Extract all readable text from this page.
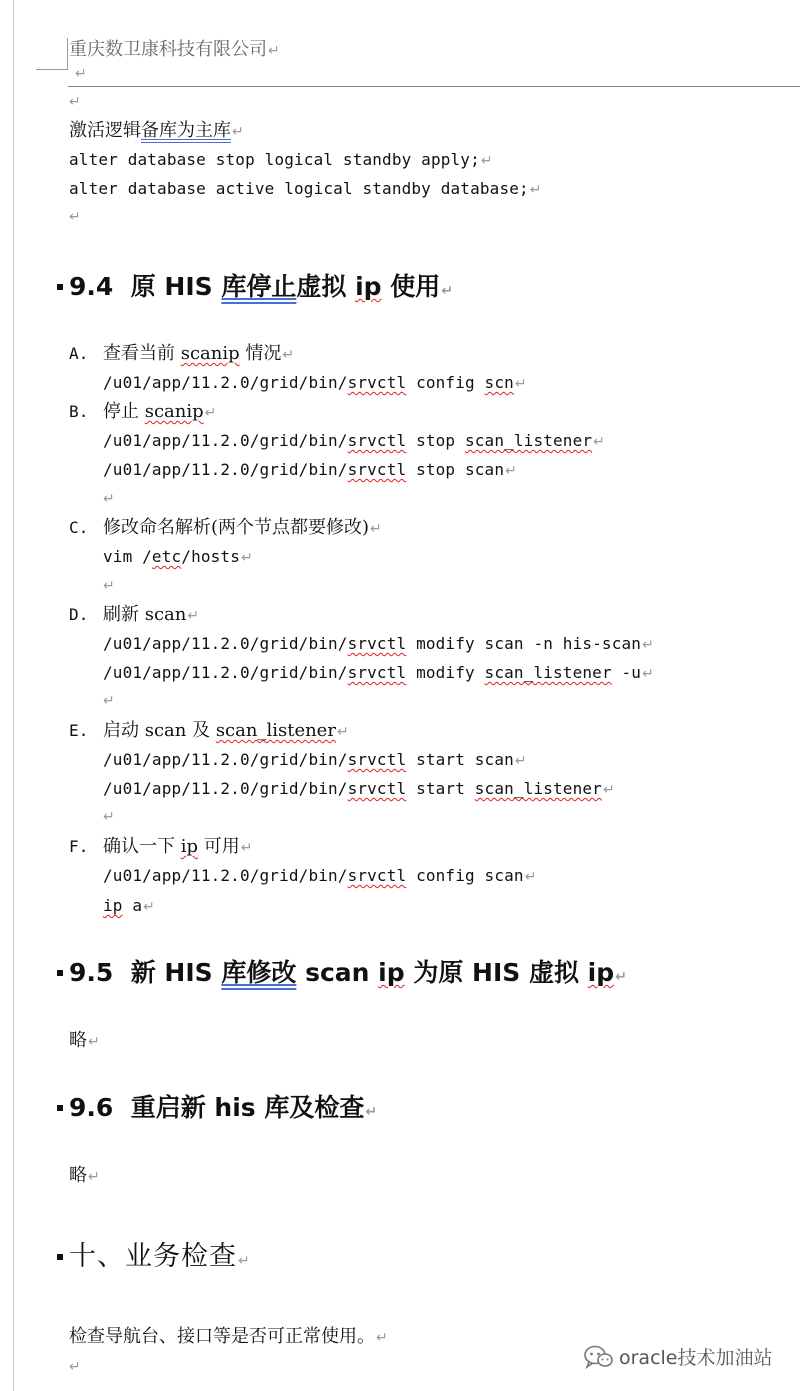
重庆数卫康科技有限公司↵
↵
↵
激活逻辑备库为主库↵
alter database stop logical standby apply;↵
alter database active logical standby database;↵
↵
9.4 原 HIS 库停止虚拟 ip 使用↵
A. 查看当前 scanip 情况↵
/u01/app/11.2.0/grid/bin/srvctl config scn↵
B. 停止 scanip↵
/u01/app/11.2.0/grid/bin/srvctl stop scan_listener↵
/u01/app/11.2.0/grid/bin/srvctl stop scan↵
↵
C. 修改命名解析(两个节点都要修改)↵
vim /etc/hosts↵
↵
D. 刷新 scan↵
/u01/app/11.2.0/grid/bin/srvctl modify scan -n his-scan↵
/u01/app/11.2.0/grid/bin/srvctl modify scan_listener -u↵
↵
E. 启动 scan 及 scan_listener↵
/u01/app/11.2.0/grid/bin/srvctl start scan↵
/u01/app/11.2.0/grid/bin/srvctl start scan_listener↵
↵
F. 确认一下 ip 可用↵
/u01/app/11.2.0/grid/bin/srvctl config scan↵
ip a↵
9.5 新 HIS 库修改 scan ip 为原 HIS 虚拟 ip↵
略↵
9.6 重启新 his 库及检查↵
略↵
十、业务检查↵
检查导航台、接口等是否可正常使用。↵
↵	oracle技术加油站
